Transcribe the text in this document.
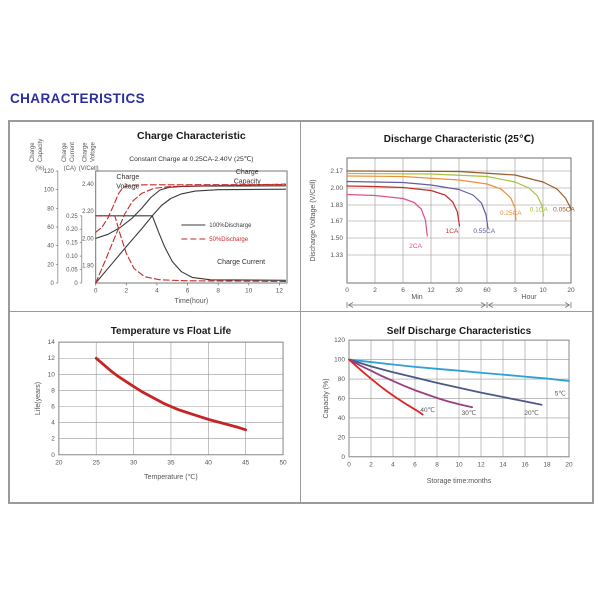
CHARACTERISTICS
Charge Characteristic
Constant Charge at 0.25CA-2.40V (25℃)
0	2	4	6	8	10	12
Time(hour)
120
100
80
60
40
20
0
Charge Capacity
(%)
0.25
0.20
0.15
0.10
0.05
0
Charge Current
(CA)
2.40
2.20
2.00
1.80
Charge Voltage
(V/Cell)
Charge
Voltage
Charge
Capacity
Charge Current
100%Discharge
50%Discharge
Discharge Characteristic (25℃)
0	2	6	12	30	60	3	10	20
2.17
2.00
1.83
1.67
1.50
1.33
Discharge Voltage (V/Cell)	2CA
1CA 0.55CA
0.25CA 0.1CA 0.05CA
Min	Hour
Temperature vs Float Life
20	25	30	35	40	45	50
0
2
4
6
8
10
12
14
Temperature (℃)
Life(years)
Self Discharge Characteristics
0	2	4	6	8	10 12 14 16 18 20
0
20
40
60
80
100
120
40℃	30℃	20℃
5℃
Storage time:months
Capacity (%)
